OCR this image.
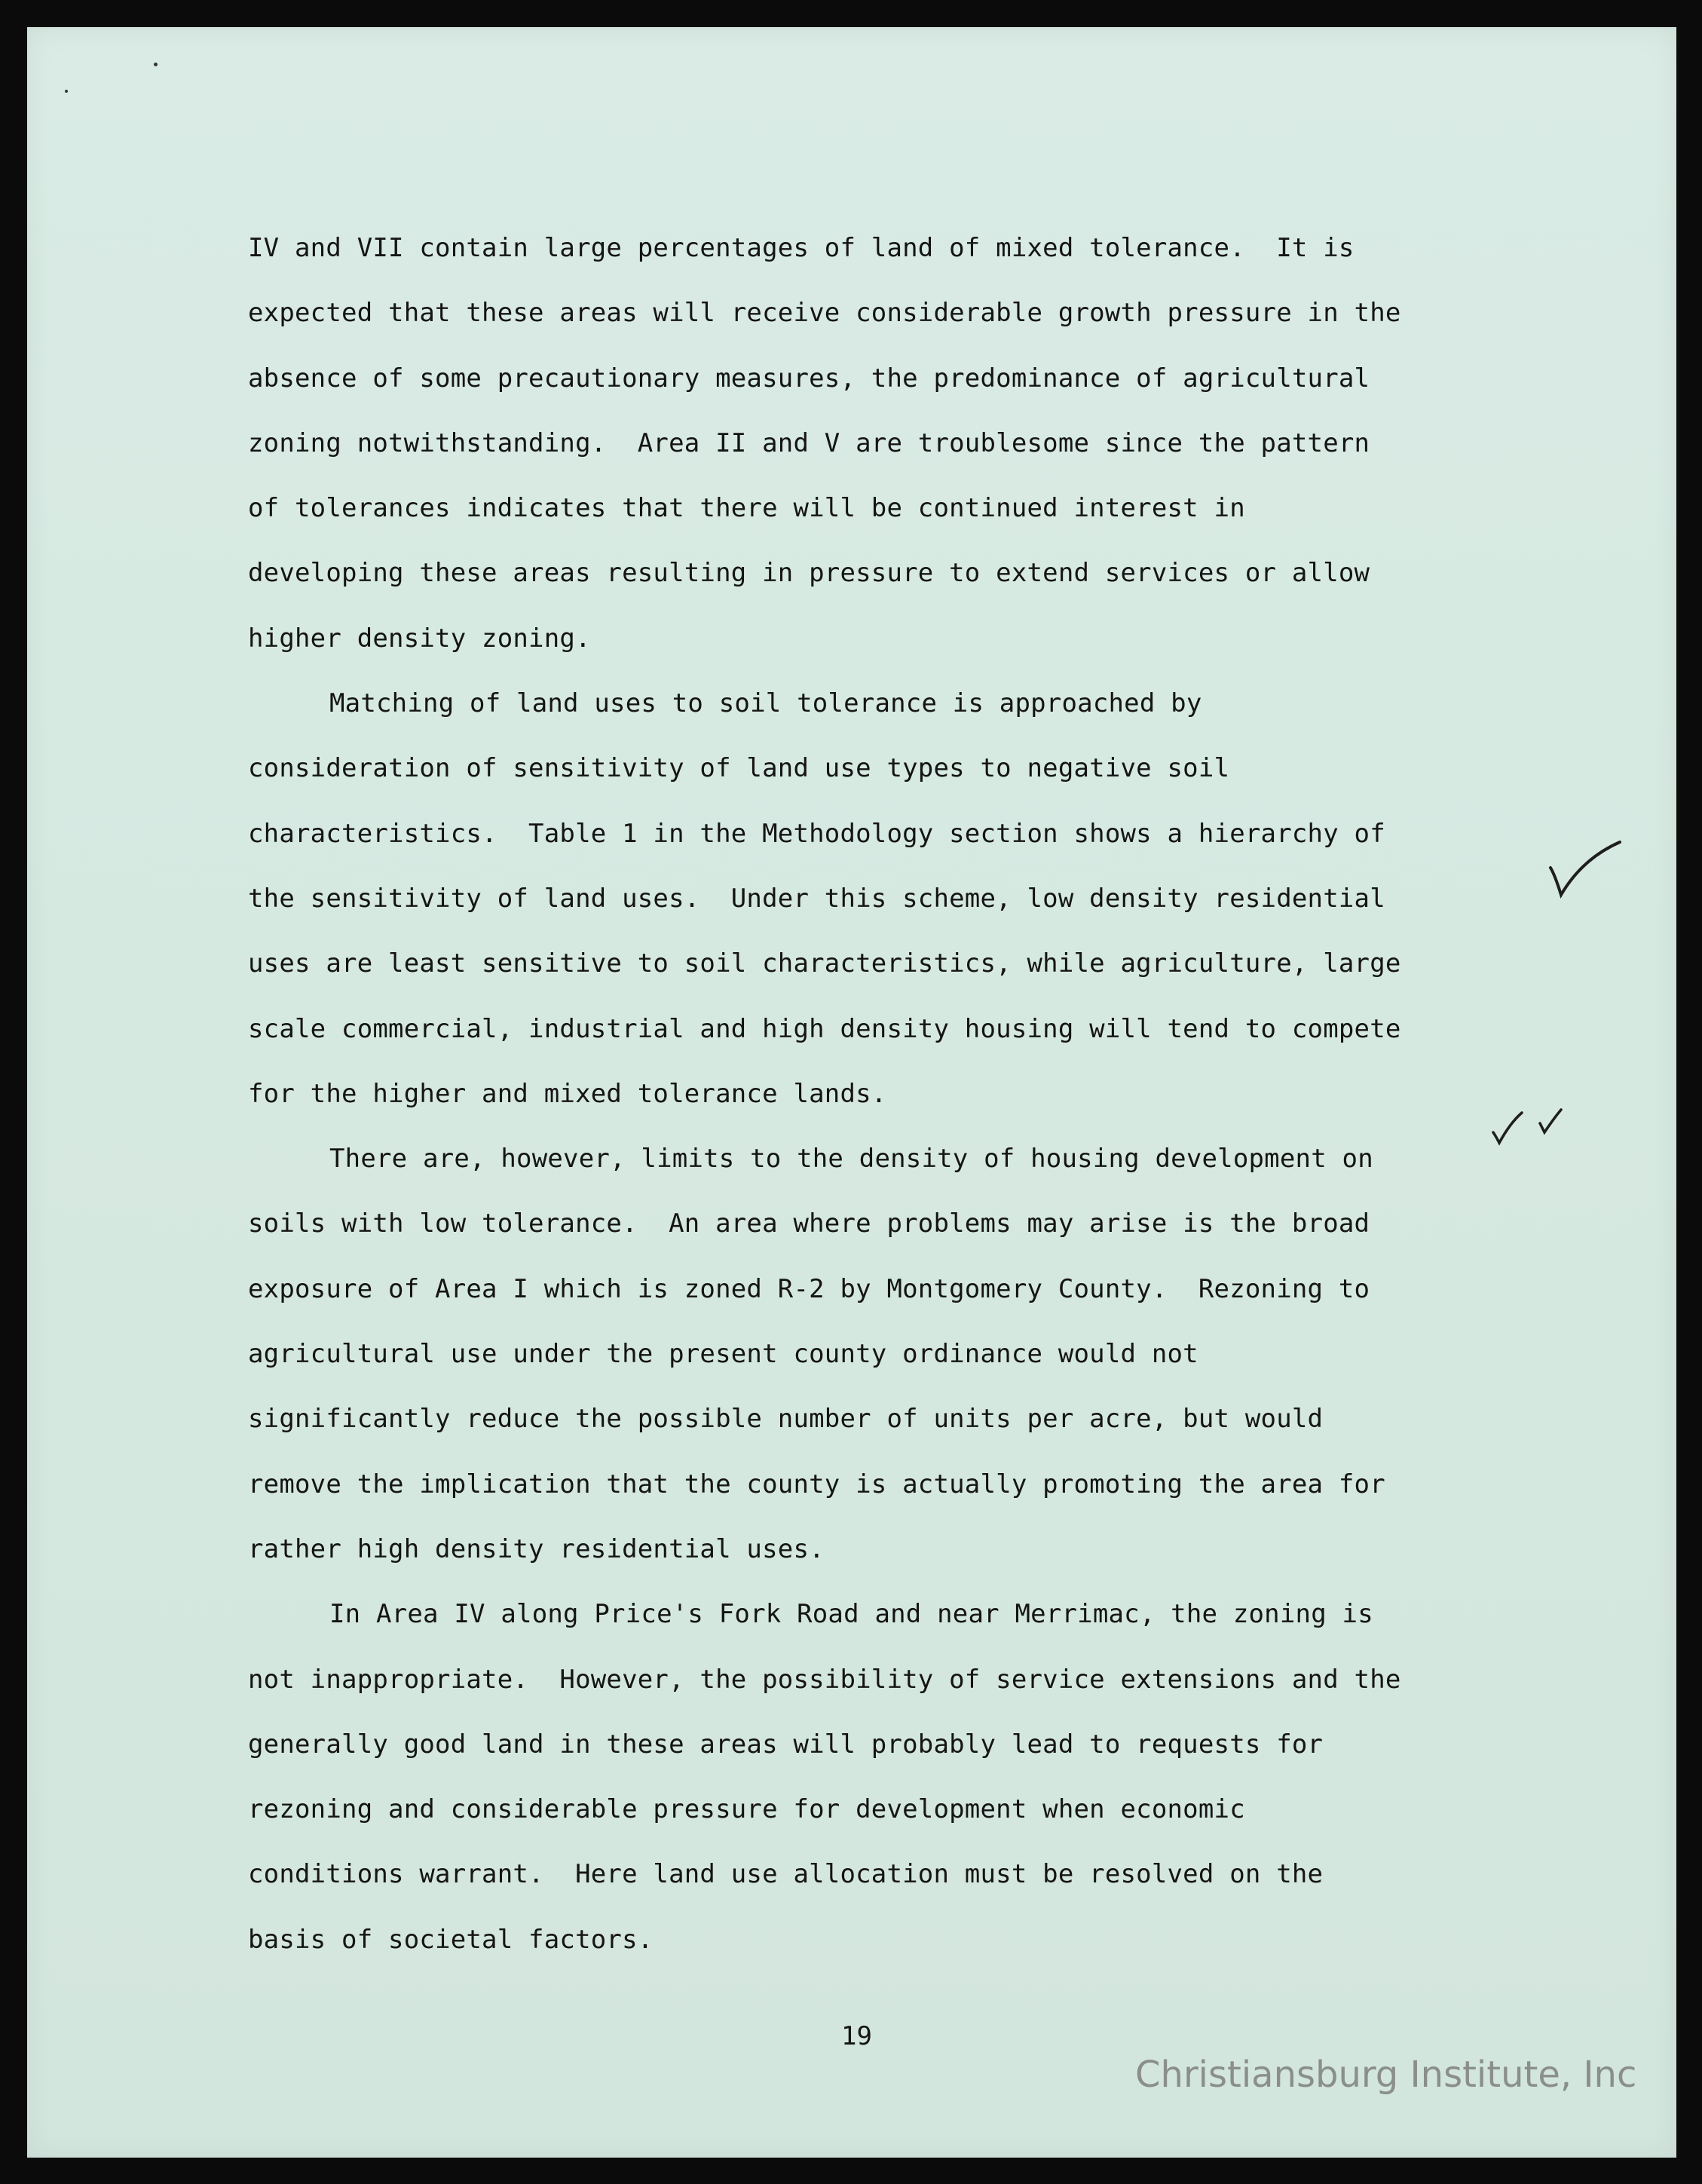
IV and VII contain large percentages of land of mixed tolerance.  It is
expected that these areas will receive considerable growth pressure in the
absence of some precautionary measures, the predominance of agricultural
zoning notwithstanding.  Area II and V are troublesome since the pattern
of tolerances indicates that there will be continued interest in
developing these areas resulting in pressure to extend services or allow
higher density zoning.
Matching of land uses to soil tolerance is approached by
consideration of sensitivity of land use types to negative soil
characteristics.  Table 1 in the Methodology section shows a hierarchy of
the sensitivity of land uses.  Under this scheme, low density residential
uses are least sensitive to soil characteristics, while agriculture, large
scale commercial, industrial and high density housing will tend to compete
for the higher and mixed tolerance lands.
There are, however, limits to the density of housing development on
soils with low tolerance.  An area where problems may arise is the broad
exposure of Area I which is zoned R-2 by Montgomery County.  Rezoning to
agricultural use under the present county ordinance would not
significantly reduce the possible number of units per acre, but would
remove the implication that the county is actually promoting the area for
rather high density residential uses.
In Area IV along Price's Fork Road and near Merrimac, the zoning is
not inappropriate.  However, the possibility of service extensions and the
generally good land in these areas will probably lead to requests for
rezoning and considerable pressure for development when economic
conditions warrant.  Here land use allocation must be resolved on the
basis of societal factors.
19
Christiansburg Institute, Inc
